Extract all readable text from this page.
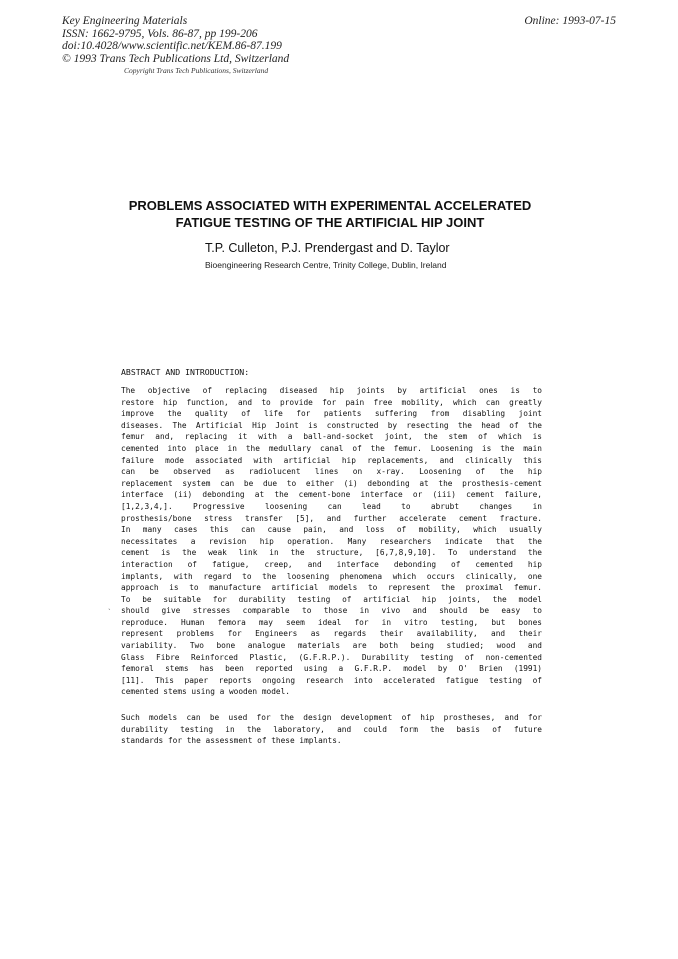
Key Engineering Materials
ISSN: 1662-9795, Vols. 86-87, pp 199-206
doi:10.4028/www.scientific.net/KEM.86-87.199
© 1993 Trans Tech Publications Ltd, Switzerland
Copyright Trans Tech Publications, Switzerland
Online: 1993-07-15
PROBLEMS ASSOCIATED WITH EXPERIMENTAL ACCELERATED
FATIGUE TESTING OF THE ARTIFICIAL HIP JOINT
T.P. Culleton, P.J. Prendergast and D. Taylor
Bioengineering Research Centre, Trinity College, Dublin, Ireland
ABSTRACT AND INTRODUCTION:
The objective of replacing diseased hip joints by artificial ones is to
restore hip function, and to provide for pain free mobility, which can greatly
improve the quality of life for patients suffering from disabling joint
diseases. The Artificial Hip Joint is constructed by resecting the head of the
femur and, replacing it with a ball-and-socket joint, the stem of which is
cemented into place in the medullary canal of the femur. Loosening is the main
failure mode associated with artificial hip replacements, and clinically this
can be observed as radiolucent lines on x-ray. Loosening of the hip
replacement system can be due to either (i) debonding at the prosthesis-cement
interface (ii) debonding at the cement-bone interface or (iii) cement failure,
[1,2,3,4,]. Progressive loosening can lead to abrubt changes in
prosthesis/bone stress transfer [5], and further accelerate cement fracture.
In many cases this can cause pain, and loss of mobility, which usually
necessitates a revision hip operation. Many researchers indicate that the
cement is the weak link in the structure, [6,7,8,9,10]. To understand the
interaction of fatigue, creep, and interface debonding of cemented hip
implants, with regard to the loosening phenomena which occurs clinically, one
approach is to manufacture artificial models to represent the proximal femur.
To be suitable for durability testing of artificial hip joints, the model
should give stresses comparable to those in vivo and should be easy to
reproduce. Human femora may seem ideal for in vitro testing, but bones
represent problems for Engineers as regards their availability, and their
variability. Two bone analogue materials are both being studied; wood and
Glass Fibre Reinforced Plastic, (G.F.R.P.). Durability testing of non-cemented
femoral stems has been reported using a G.F.R.P. model by O' Brien (1991)
[11]. This paper reports ongoing research into accelerated fatigue testing of
cemented stems using a wooden model.
Such models can be used for the design development of hip prostheses, and for
durability testing in the laboratory, and could form the basis of future
standards for the assessment of these implants.
ˎ
